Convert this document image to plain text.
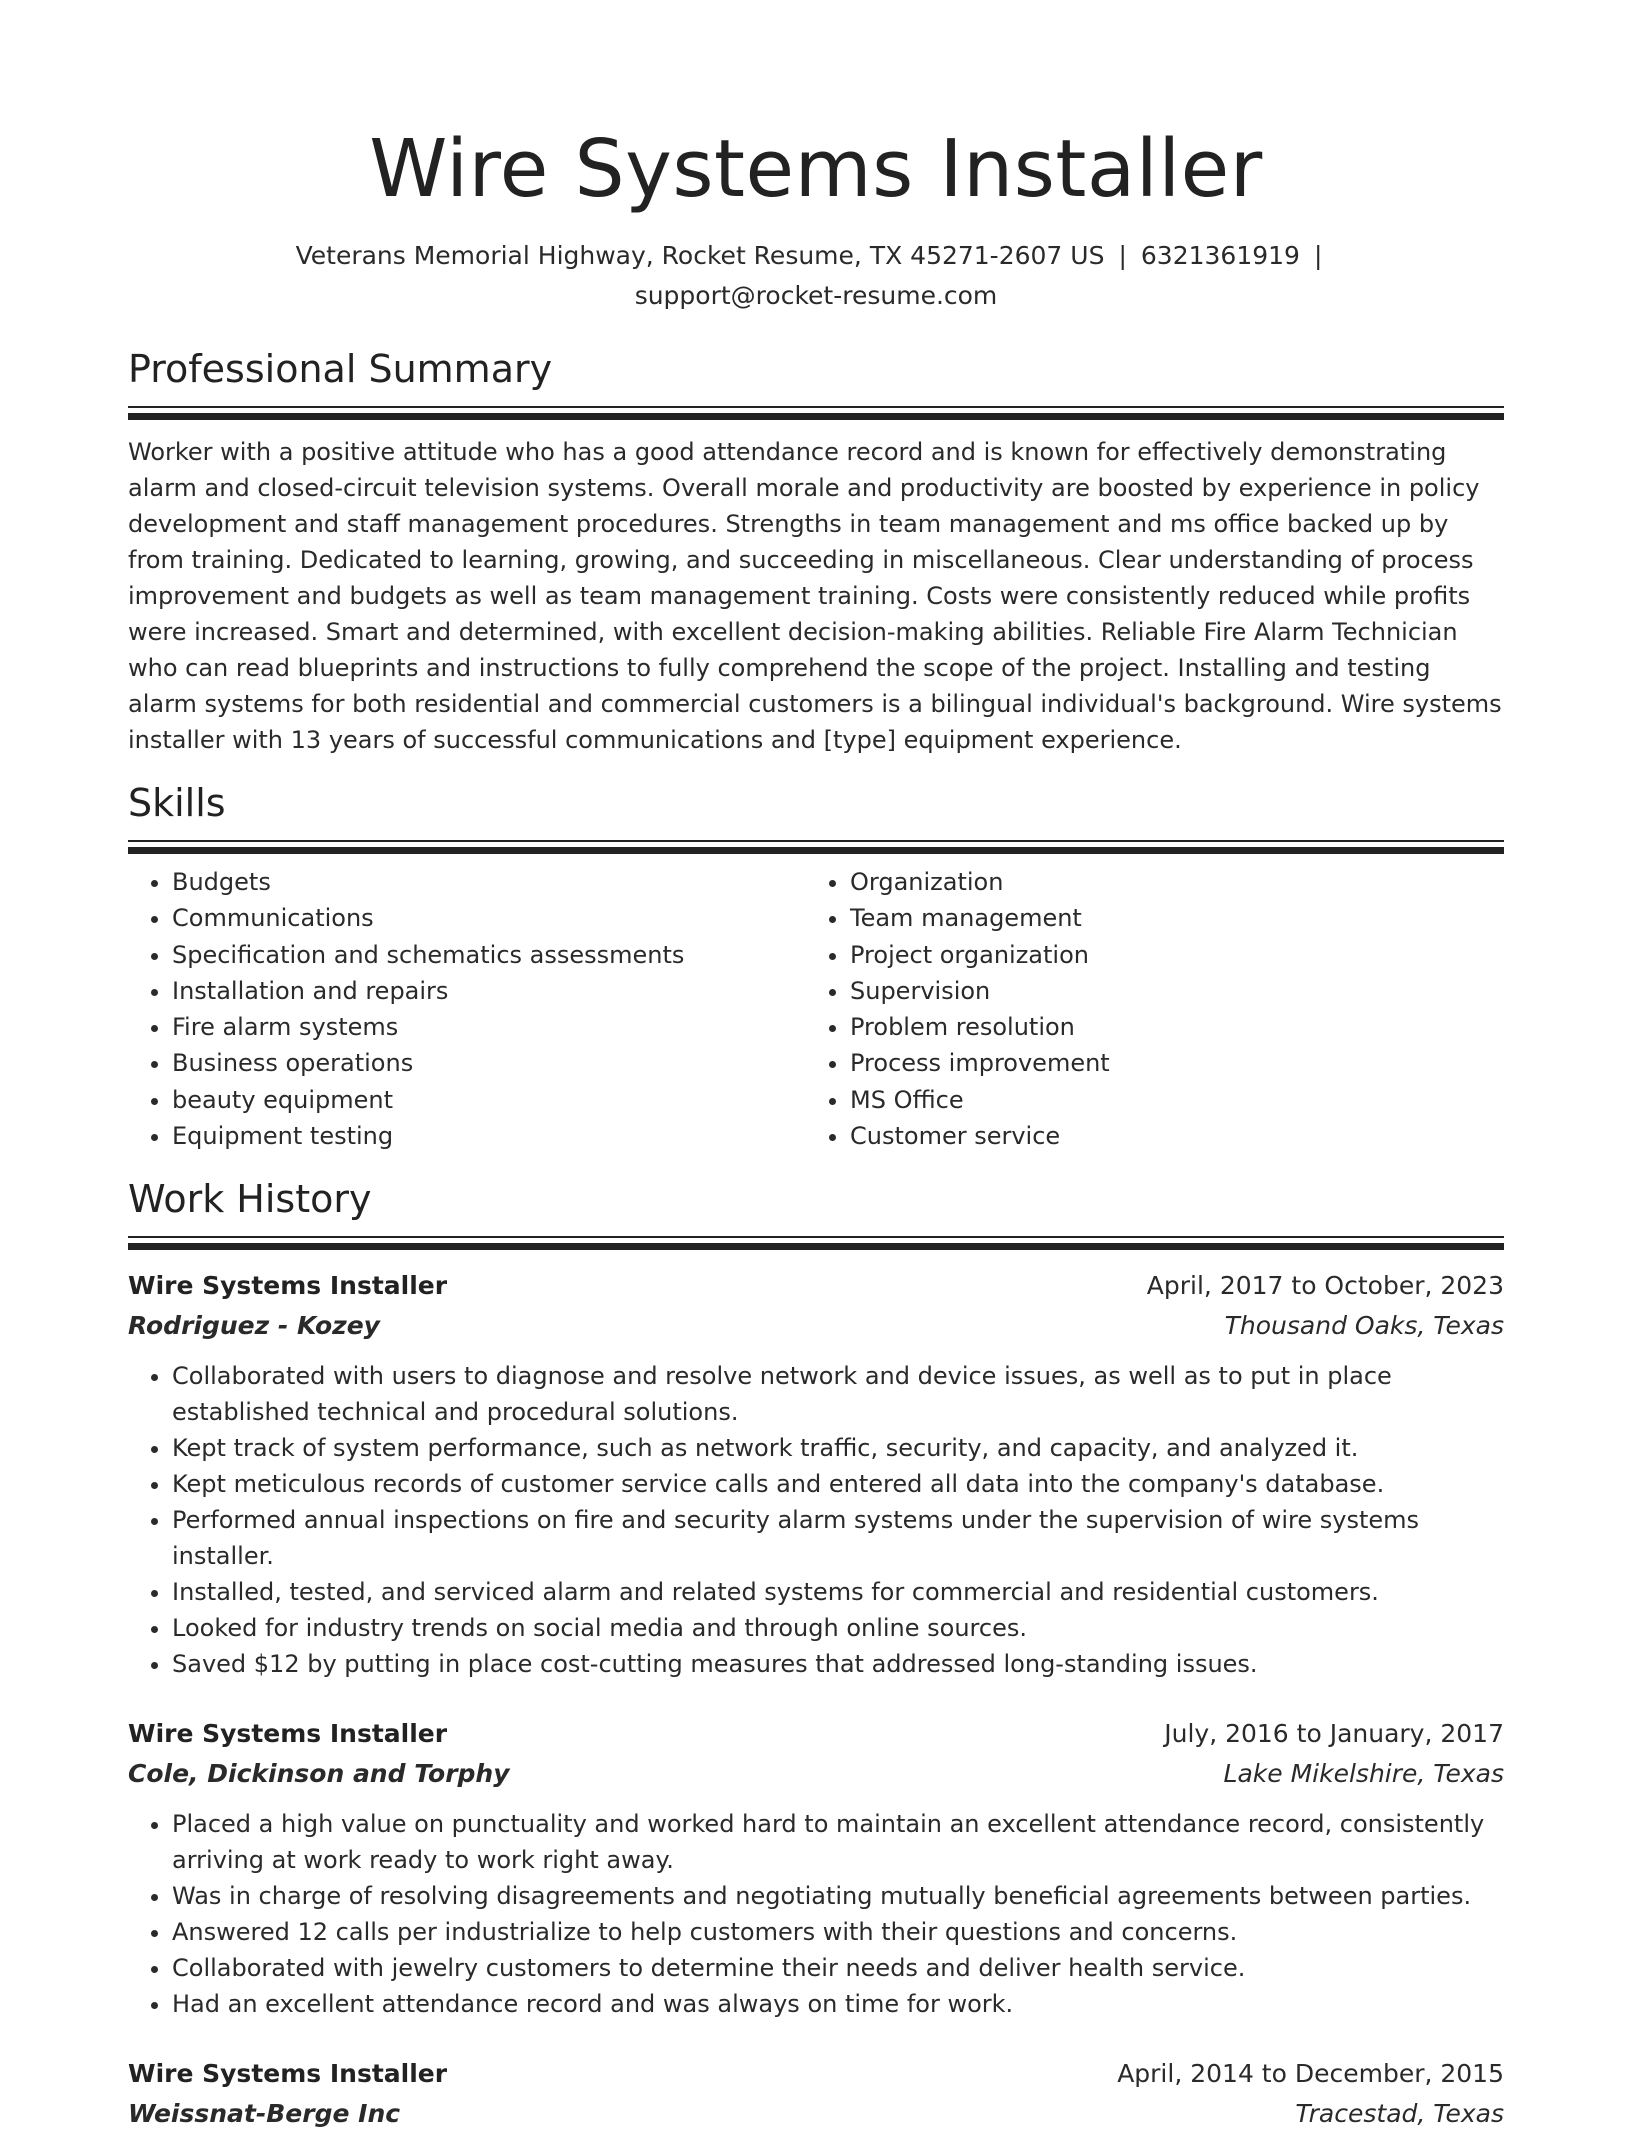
Wire Systems Installer
Veterans Memorial Highway, Rocket Resume, TX 45271-2607 US | 6321361919 |
support@rocket-resume.com
Professional Summary

Worker with a positive attitude who has a good attendance record and is known for effectively demonstrating alarm and closed-circuit television systems. Overall morale and productivity are boosted by experience in policy development and staff management procedures. Strengths in team management and ms office backed up by from training. Dedicated to learning, growing, and succeeding in miscellaneous. Clear understanding of process improvement and budgets as well as team management training. Costs were consistently reduced while profits were increased. Smart and determined, with excellent decision-making abilities. Reliable Fire Alarm Technician who can read blueprints and instructions to fully comprehend the scope of the project. Installing and testing alarm systems for both residential and commercial customers is a bilingual individual's background. Wire systems installer with 13 years of successful communications and [type] equipment experience.

Skills
• Budgets
• Communications
• Specification and schematics assessments
• Installation and repairs
• Fire alarm systems
• Business operations
• beauty equipment
• Equipment testing
• Organization
• Team management
• Project organization
• Supervision
• Problem resolution
• Process improvement
• MS Office
• Customer service
Work History
Wire Systems Installer	April, 2017 to October, 2023
Rodriguez - Kozey	Thousand Oaks, Texas
• Collaborated with users to diagnose and resolve network and device issues, as well as to put in place established technical and procedural solutions.
• Kept track of system performance, such as network traffic, security, and capacity, and analyzed it.
• Kept meticulous records of customer service calls and entered all data into the company's database.
• Performed annual inspections on fire and security alarm systems under the supervision of wire systems installer.
• Installed, tested, and serviced alarm and related systems for commercial and residential customers.
• Looked for industry trends on social media and through online sources.
• Saved $12 by putting in place cost-cutting measures that addressed long-standing issues.
Wire Systems Installer	July, 2016 to January, 2017
Cole, Dickinson and Torphy	Lake Mikelshire, Texas
• Placed a high value on punctuality and worked hard to maintain an excellent attendance record, consistently arriving at work ready to work right away.
• Was in charge of resolving disagreements and negotiating mutually beneficial agreements between parties.
• Answered 12 calls per industrialize to help customers with their questions and concerns.
• Collaborated with jewelry customers to determine their needs and deliver health service.
• Had an excellent attendance record and was always on time for work.
Wire Systems Installer	April, 2014 to December, 2015
Weissnat-Berge Inc	Tracestad, Texas
